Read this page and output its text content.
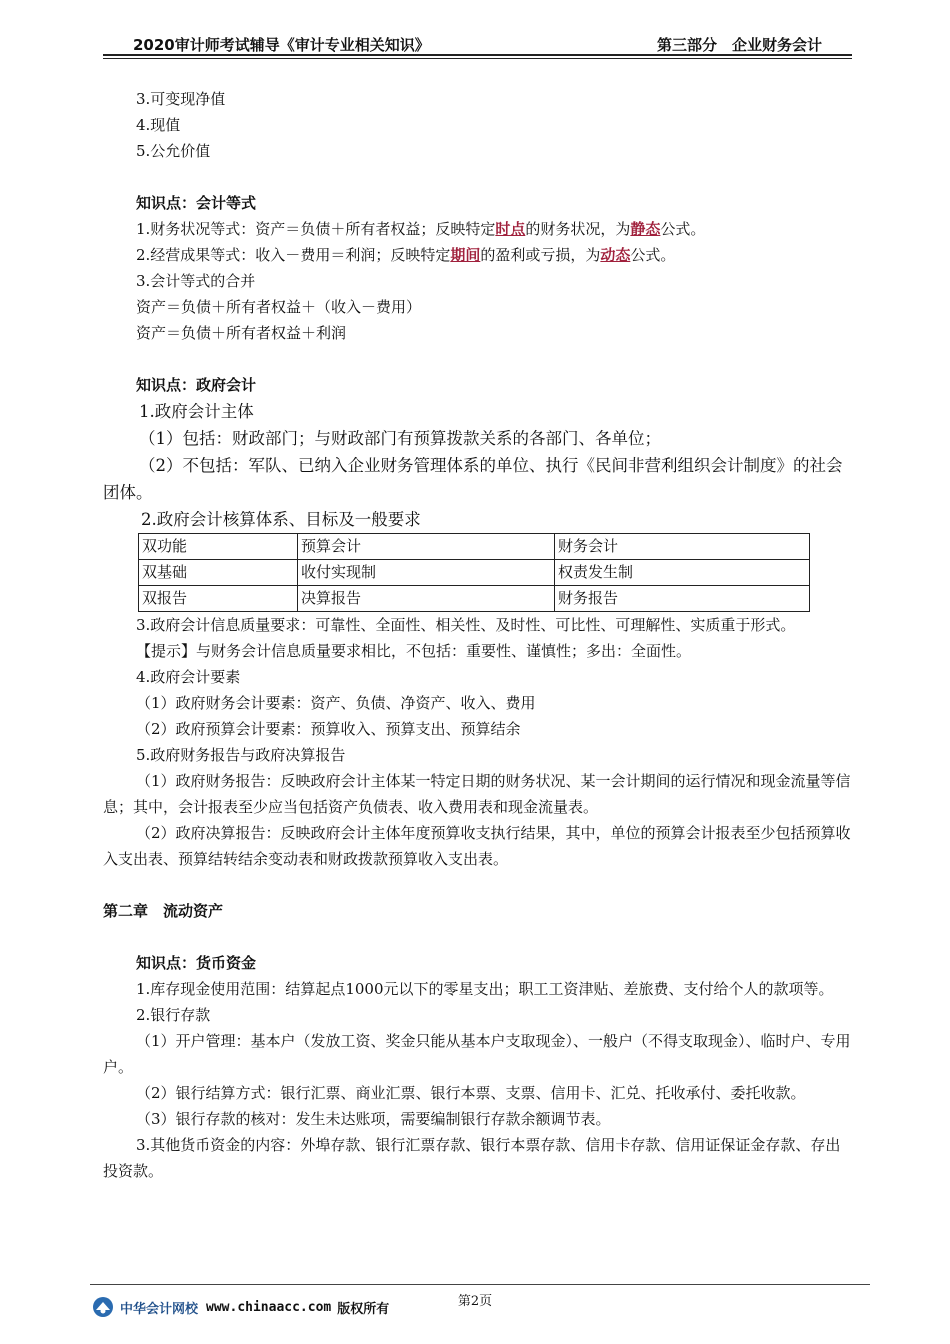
2020审计师考试辅导《审计专业相关知识》	第三部分　企业财务会计

3.可变现净值

4.现值

5.公允价值

知识点：会计等式

1.财务状况等式：资产＝负债＋所有者权益；反映特定时点的财务状况，为静态公式。

2.经营成果等式：收入－费用＝利润；反映特定期间的盈利或亏损，为动态公式。

3.会计等式的合并

资产＝负债＋所有者权益＋（收入－费用）

资产＝负债＋所有者权益＋利润

知识点：政府会计

1.政府会计主体

（1）包括：财政部门；与财政部门有预算拨款关系的各部门、各单位；

（2）不包括：军队、已纳入企业财务管理体系的单位、执行《民间非营利组织会计制度》的社会团体。

2.政府会计核算体系、目标及一般要求

双功能	预算会计	财务会计
双基础	收付实现制	权责发生制
双报告	决算报告	财务报告

3.政府会计信息质量要求：可靠性、全面性、相关性、及时性、可比性、可理解性、实质重于形式。

【提示】与财务会计信息质量要求相比，不包括：重要性、谨慎性；多出：全面性。

4.政府会计要素

（1）政府财务会计要素：资产、负债、净资产、收入、费用

（2）政府预算会计要素：预算收入、预算支出、预算结余

5.政府财务报告与政府决算报告

（1）政府财务报告：反映政府会计主体某一特定日期的财务状况、某一会计期间的运行情况和现金流量等信息；其中，会计报表至少应当包括资产负债表、收入费用表和现金流量表。

（2）政府决算报告：反映政府会计主体年度预算收支执行结果，其中，单位的预算会计报表至少包括预算收入支出表、预算结转结余变动表和财政拨款预算收入支出表。

第二章　流动资产

知识点：货币资金

1.库存现金使用范围：结算起点1000元以下的零星支出；职工工资津贴、差旅费、支付给个人的款项等。

2.银行存款

（1）开户管理：基本户（发放工资、奖金只能从基本户支取现金）、一般户（不得支取现金）、临时户、专用户。

（2）银行结算方式：银行汇票、商业汇票、银行本票、支票、信用卡、汇兑、托收承付、委托收款。

（3）银行存款的核对：发生未达账项，需要编制银行存款余额调节表。

3.其他货币资金的内容：外埠存款、银行汇票存款、银行本票存款、信用卡存款、信用证保证金存款、存出投资款。

第2页
中华会计网校 www.chinaacc.com 版权所有
